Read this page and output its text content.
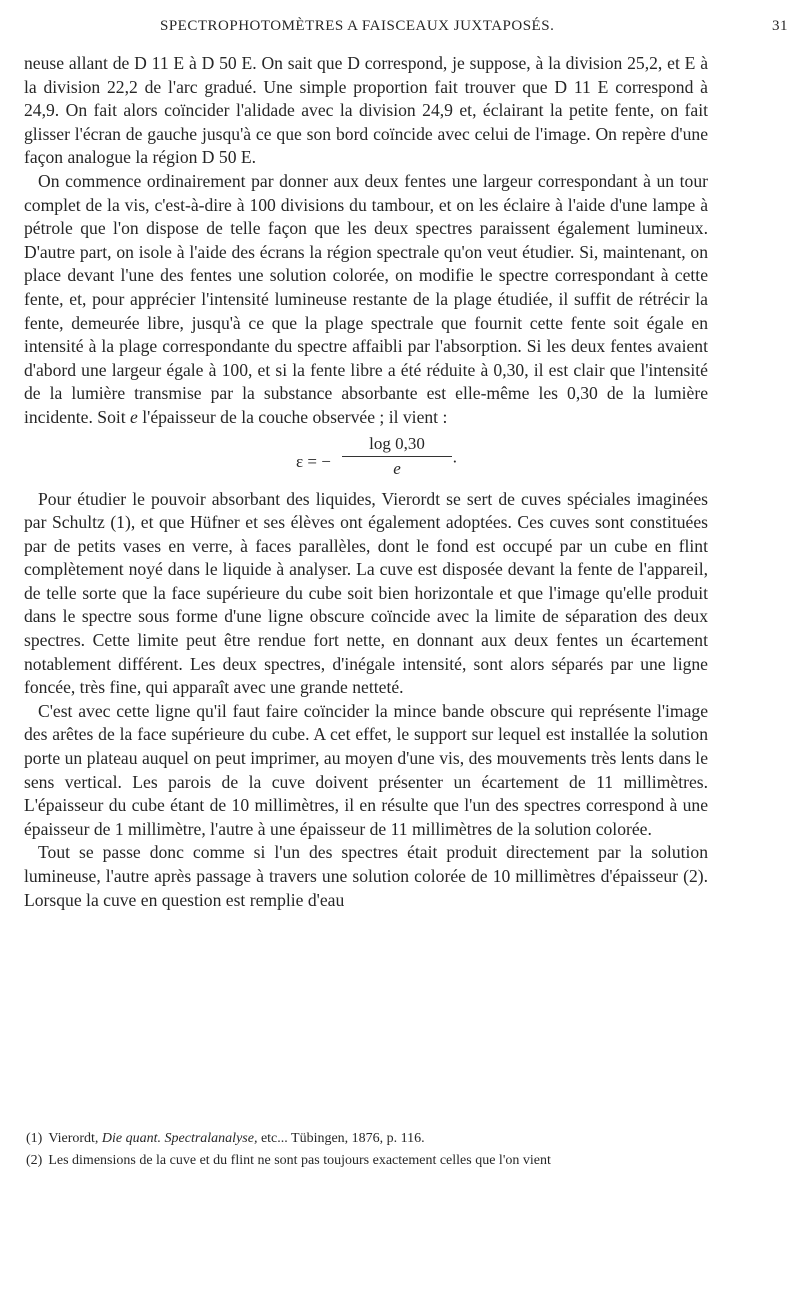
SPECTROPHOTOMÈTRES A FAISCEAUX JUXTAPOSÉS.	31

neuse allant de D 11 E à D 50 E. On sait que D correspond, je suppose, à la division 25,2, et E à la division 22,2 de l'arc gradué. Une simple proportion fait trouver que D 11 E correspond à 24,9. On fait alors coïncider l'alidade avec la division 24,9 et, éclairant la petite fente, on fait glisser l'écran de gauche jusqu'à ce que son bord coïncide avec celui de l'image. On repère d'une façon analogue la région D 50 E.

On commence ordinairement par donner aux deux fentes une largeur correspondant à un tour complet de la vis, c'est-à-dire à 100 divisions du tambour, et on les éclaire à l'aide d'une lampe à pétrole que l'on dispose de telle façon que les deux spectres paraissent également lumineux. D'autre part, on isole à l'aide des écrans la région spectrale qu'on veut étudier. Si, maintenant, on place devant l'une des fentes une solution colorée, on modifie le spectre correspondant à cette fente, et, pour apprécier l'intensité lumineuse restante de la plage étudiée, il suffit de rétrécir la fente, demeurée libre, jusqu'à ce que la plage spectrale que fournit cette fente soit égale en intensité à la plage correspondante du spectre affaibli par l'absorption. Si les deux fentes avaient d'abord une largeur égale à 100, et si la fente libre a été réduite à 0,30, il est clair que l'intensité de la lumière transmise par la substance absorbante est elle-même les 0,30 de la lumière incidente. Soit e l'épaisseur de la couche observée ; il vient :

ε = − $\frac{\log 0,30}{e}$ ·

Pour étudier le pouvoir absorbant des liquides, Vierordt se sert de cuves spéciales imaginées par Schultz (1), et que Hüfner et ses élèves ont également adoptées. Ces cuves sont constituées par de petits vases en verre, à faces parallèles, dont le fond est occupé par un cube en flint complètement noyé dans le liquide à analyser. La cuve est disposée devant la fente de l'appareil, de telle sorte que la face supérieure du cube soit bien horizontale et que l'image qu'elle produit dans le spectre sous forme d'une ligne obscure coïncide avec la limite de séparation des deux spectres. Cette limite peut être rendue fort nette, en donnant aux deux fentes un écartement notablement différent. Les deux spectres, d'inégale intensité, sont alors séparés par une ligne foncée, très fine, qui apparaît avec une grande netteté.

C'est avec cette ligne qu'il faut faire coïncider la mince bande obscure qui représente l'image des arêtes de la face supérieure du cube. A cet effet, le support sur lequel est installée la solution porte un plateau auquel on peut imprimer, au moyen d'une vis, des mouvements très lents dans le sens vertical. Les parois de la cuve doivent présenter un écartement de 11 millimètres. L'épaisseur du cube étant de 10 millimètres, il en résulte que l'un des spectres correspond à une épaisseur de 1 millimètre, l'autre à une épaisseur de 11 millimètres de la solution colorée.

Tout se passe donc comme si l'un des spectres était produit directement par la solution lumineuse, l'autre après passage à travers une solution colorée de 10 millimètres d'épaisseur (2). Lorsque la cuve en question est remplie d'eau

(1) Vierordt, Die quant. Spectralanalyse, etc... Tübingen, 1876, p. 116.

(2) Les dimensions de la cuve et du flint ne sont pas toujours exactement celles que l'on vient
